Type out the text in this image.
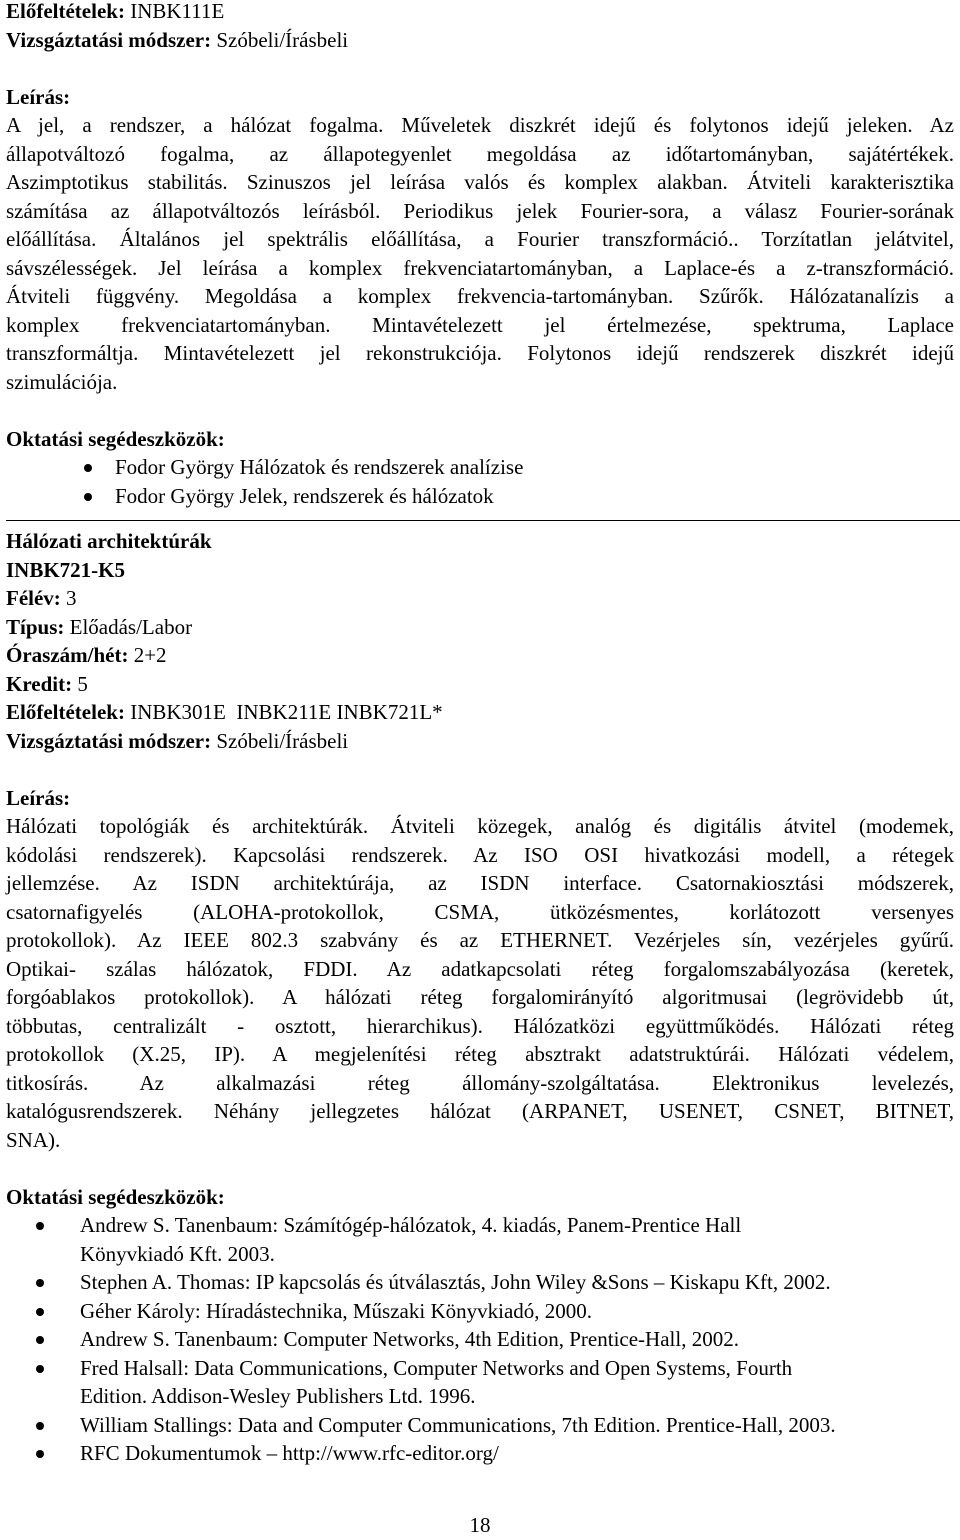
Előfeltételek: INBK111E

Vizsgáztatási módszer: Szóbeli/Írásbeli

Leírás:

A jel, a rendszer, a hálózat fogalma. Műveletek diszkrét idejű és folytonos idejű jeleken. Az

állapotváltozó fogalma, az állapotegyenlet megoldása az időtartományban, sajátértékek.

Aszimptotikus stabilitás. Szinuszos jel leírása valós és komplex alakban. Átviteli karakterisztika

számítása az állapotváltozós leírásból. Periodikus jelek Fourier-sora, a válasz Fourier-sorának

előállítása. Általános jel spektrális előállítása, a Fourier transzformáció.. Torzítatlan jelátvitel,

sávszélességek. Jel leírása a komplex frekvenciatartományban, a Laplace-és a z-transzformáció.

Átviteli függvény. Megoldása a komplex frekvencia-tartományban. Szűrők. Hálózatanalízis a

komplex frekvenciatartományban. Mintavételezett jel értelmezése, spektruma, Laplace

transzformáltja. Mintavételezett jel rekonstrukciója. Folytonos idejű rendszerek diszkrét idejű

szimulációja.

Oktatási segédeszközök:

Fodor György Hálózatok és rendszerek analízise
Fodor György Jelek, rendszerek és hálózatok

Hálózati architektúrák

INBK721-K5

Félév: 3

Típus: Előadás/Labor

Óraszám/hét: 2+2

Kredit: 5

Előfeltételek: INBK301E  INBK211E INBK721L*

Vizsgáztatási módszer: Szóbeli/Írásbeli

Leírás:

Hálózati topológiák és architektúrák. Átviteli közegek, analóg és digitális átvitel (modemek,

kódolási rendszerek). Kapcsolási rendszerek. Az ISO OSI hivatkozási modell, a rétegek

jellemzése. Az ISDN architektúrája, az ISDN interface. Csatornakiosztási módszerek,

csatornafigyelés (ALOHA-protokollok, CSMA, ütközésmentes, korlátozott versenyes

protokollok). Az IEEE 802.3 szabvány és az ETHERNET. Vezérjeles sín, vezérjeles gyűrű.

Optikai- szálas hálózatok, FDDI. Az adatkapcsolati réteg forgalomszabályozása (keretek,

forgóablakos protokollok). A hálózati réteg forgalomirányító algoritmusai (legrövidebb út,

többutas, centralizált - osztott, hierarchikus). Hálózatközi együttműködés. Hálózati réteg

protokollok (X.25, IP). A megjelenítési réteg absztrakt adatstruktúrái. Hálózati védelem,

titkosírás. Az alkalmazási réteg állomány-szolgáltatása. Elektronikus levelezés,

katalógusrendszerek. Néhány jellegzetes hálózat (ARPANET, USENET, CSNET, BITNET,

SNA).

Oktatási segédeszközök:

Andrew S. Tanenbaum: Számítógép-hálózatok, 4. kiadás, Panem-Prentice Hall
Könyvkiadó Kft. 2003.
Stephen A. Thomas: IP kapcsolás és útválasztás, John Wiley &Sons – Kiskapu Kft, 2002.
Géher Károly: Híradástechnika, Műszaki Könyvkiadó, 2000.
Andrew S. Tanenbaum: Computer Networks, 4th Edition, Prentice-Hall, 2002.
Fred Halsall: Data Communications, Computer Networks and Open Systems, Fourth
Edition. Addison-Wesley Publishers Ltd. 1996.
William Stallings: Data and Computer Communications, 7th Edition. Prentice-Hall, 2003.
RFC Dokumentumok – http://www.rfc-editor.org/
18
